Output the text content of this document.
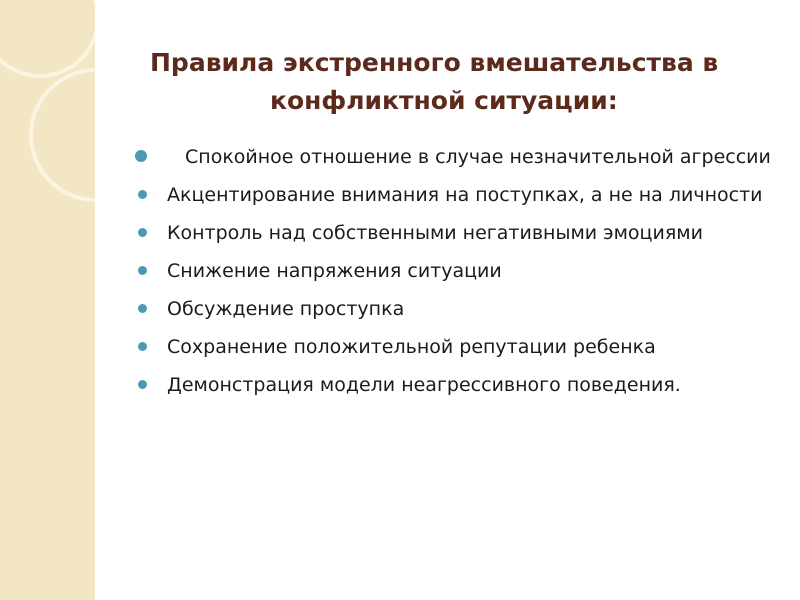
Правила экстренного вмешательства в
конфликтной ситуации:
Спокойное отношение в случае незначительной агрессии
Акцентирование внимания на поступках, а не на личности
Контроль над собственными негативными эмоциями
Снижение напряжения ситуации
Обсуждение проступка
Сохранение положительной репутации ребенка
Демонстрация модели неагрессивного поведения.
